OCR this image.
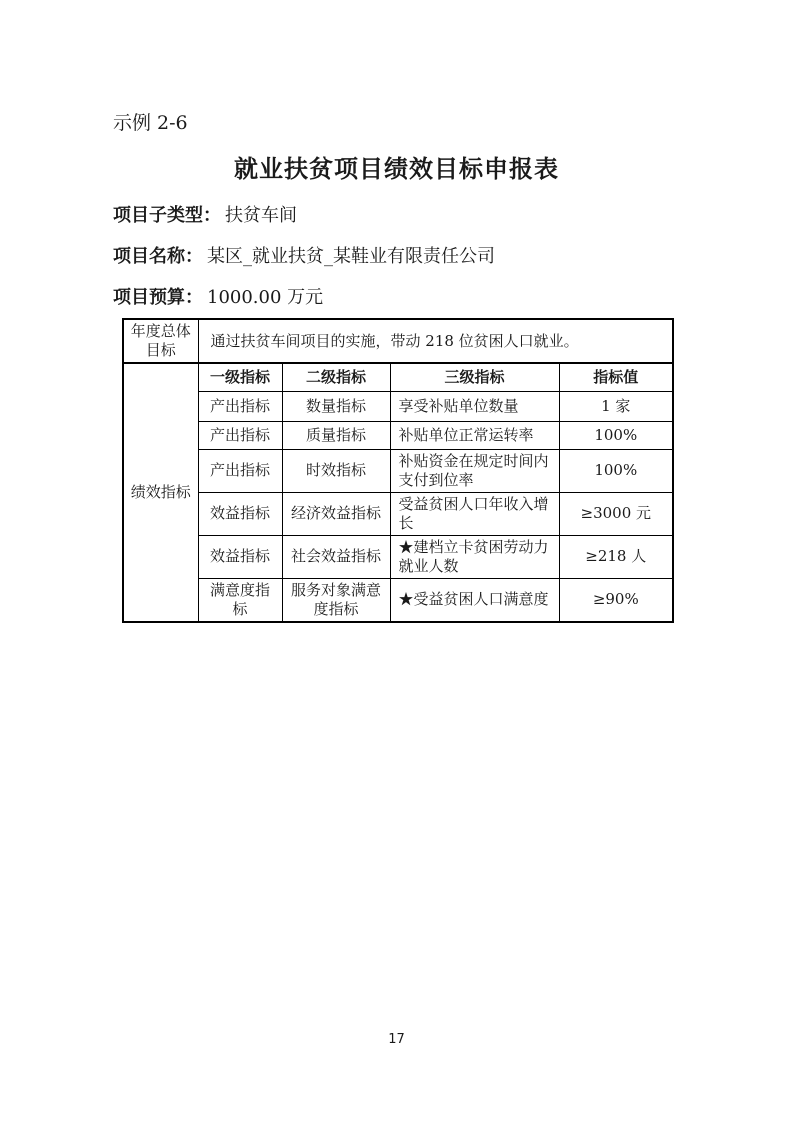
示例 2-6
就业扶贫项目绩效目标申报表
项目子类型： 扶贫车间
项目名称： 某区_就业扶贫_某鞋业有限责任公司
项目预算： 1000.00 万元
年度总体目标	通过扶贫车间项目的实施，带动 218 位贫困人口就业。			
绩效指标	一级指标	二级指标	三级指标	指标值
	产出指标	数量指标	享受补贴单位数量	1 家
	产出指标	质量指标	补贴单位正常运转率	100%
	产出指标	时效指标	补贴资金在规定时间内支付到位率	100%
	效益指标	经济效益指标	受益贫困人口年收入增长	≥3000 元
	效益指标	社会效益指标	★建档立卡贫困劳动力就业人数	≥218 人
	满意度指标	服务对象满意度指标	★受益贫困人口满意度	≥90%
17
